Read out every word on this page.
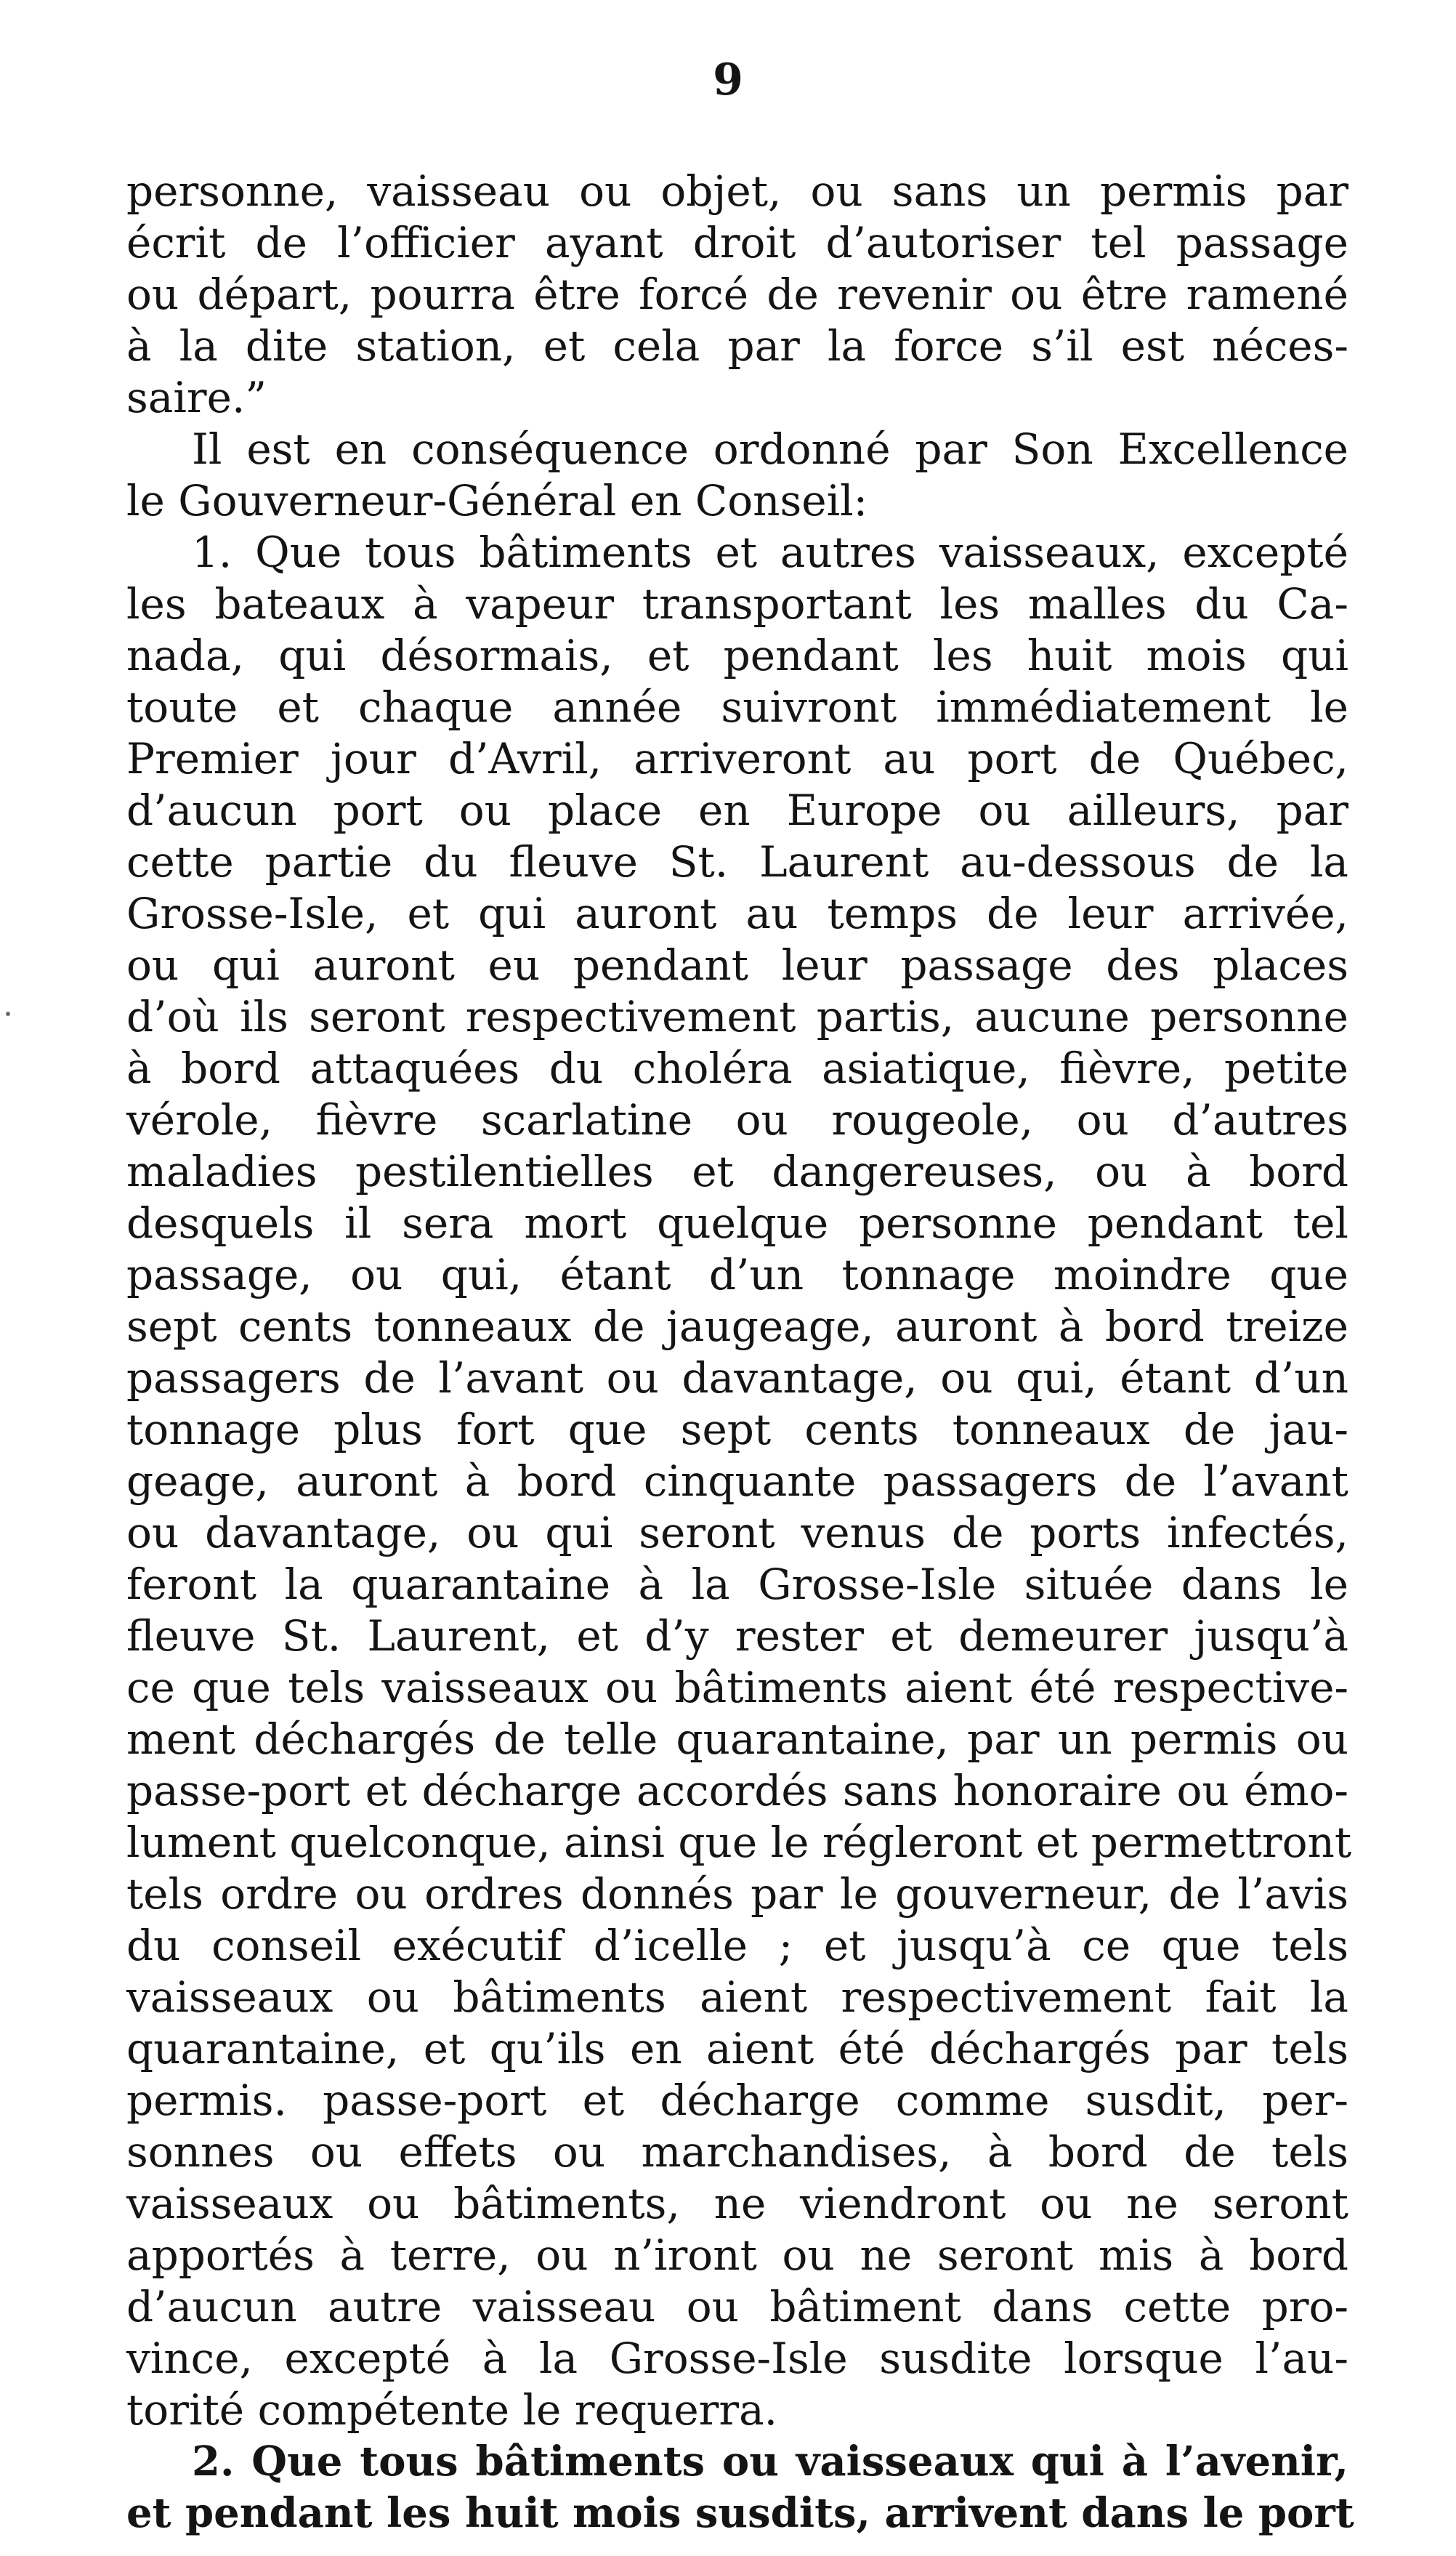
9
personne, vaisseau ou objet, ou sans un permis par
écrit de l’officier ayant droit d’autoriser tel passage
ou départ, pourra être forcé de revenir ou être ramené
à la dite station, et cela par la force s’il est néces-
saire.”
Il est en conséquence ordonné par Son Excellence
le Gouverneur-Général en Conseil:
1. Que tous bâtiments et autres vaisseaux, excepté
les bateaux à vapeur transportant les malles du Ca-
nada, qui désormais, et pendant les huit mois qui
toute et chaque année suivront immédiatement le
Premier jour d’Avril, arriveront au port de Québec,
d’aucun port ou place en Europe ou ailleurs, par
cette partie du fleuve St. Laurent au-dessous de la
Grosse-Isle, et qui auront au temps de leur arrivée,
ou qui auront eu pendant leur passage des places
d’où ils seront respectivement partis, aucune personne
à bord attaquées du choléra asiatique, fièvre, petite
vérole, fièvre scarlatine ou rougeole, ou d’autres
maladies pestilentielles et dangereuses, ou à bord
desquels il sera mort quelque personne pendant tel
passage, ou qui, étant d’un tonnage moindre que
sept cents tonneaux de jaugeage, auront à bord treize
passagers de l’avant ou davantage, ou qui, étant d’un
tonnage plus fort que sept cents tonneaux de jau-
geage, auront à bord cinquante passagers de l’avant
ou davantage, ou qui seront venus de ports infectés,
feront la quarantaine à la Grosse-Isle située dans le
fleuve St. Laurent, et d’y rester et demeurer jusqu’à
ce que tels vaisseaux ou bâtiments aient été respective-
ment déchargés de telle quarantaine, par un permis ou
passe-port et décharge accordés sans honoraire ou émo-
lument quelconque, ainsi que le régleront et permettront
tels ordre ou ordres donnés par le gouverneur, de l’avis
du conseil exécutif d’icelle ; et jusqu’à ce que tels
vaisseaux ou bâtiments aient respectivement fait la
quarantaine, et qu’ils en aient été déchargés par tels
permis. passe-port et décharge comme susdit, per-
sonnes ou effets ou marchandises, à bord de tels
vaisseaux ou bâtiments, ne viendront ou ne seront
apportés à terre, ou n’iront ou ne seront mis à bord
d’aucun autre vaisseau ou bâtiment dans cette pro-
vince, excepté à la Grosse-Isle susdite lorsque l’au-
torité compétente le requerra.
2. Que tous bâtiments ou vaisseaux qui à l’avenir,
et pendant les huit mois susdits, arrivent dans le port
